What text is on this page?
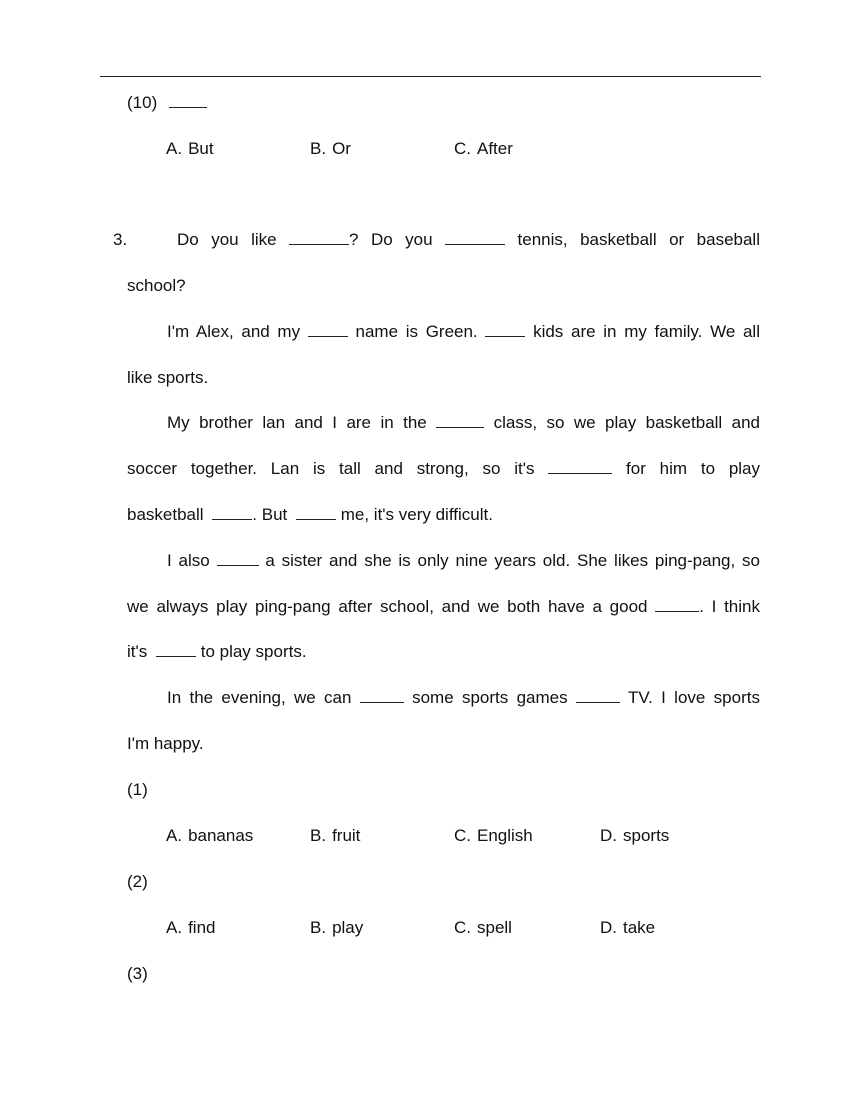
(10)
A. But	B. Or	C. After
3.	Do you like	? Do you	tennis, basketball or baseball
school?
I'm Alex, and my	name is Green.	kids are in my family. We all
like sports.
My brother lan and I are in the	class, so we play basketball and
soccer together. Lan is tall and strong, so it's	for him to play
basketball	. But	me, it's very difficult.
I also	a sister and she is only nine years old. She likes ping-pang, so
we always play ping-pang after school, and we both have a good	. I think
it's	to play sports.
In the evening, we can	some sports games	TV. I love sports
I'm happy.
(1)
A. bananas	B. fruit	C. English	D. sports
(2)
A. find	B. play	C. spell	D. take
(3)
